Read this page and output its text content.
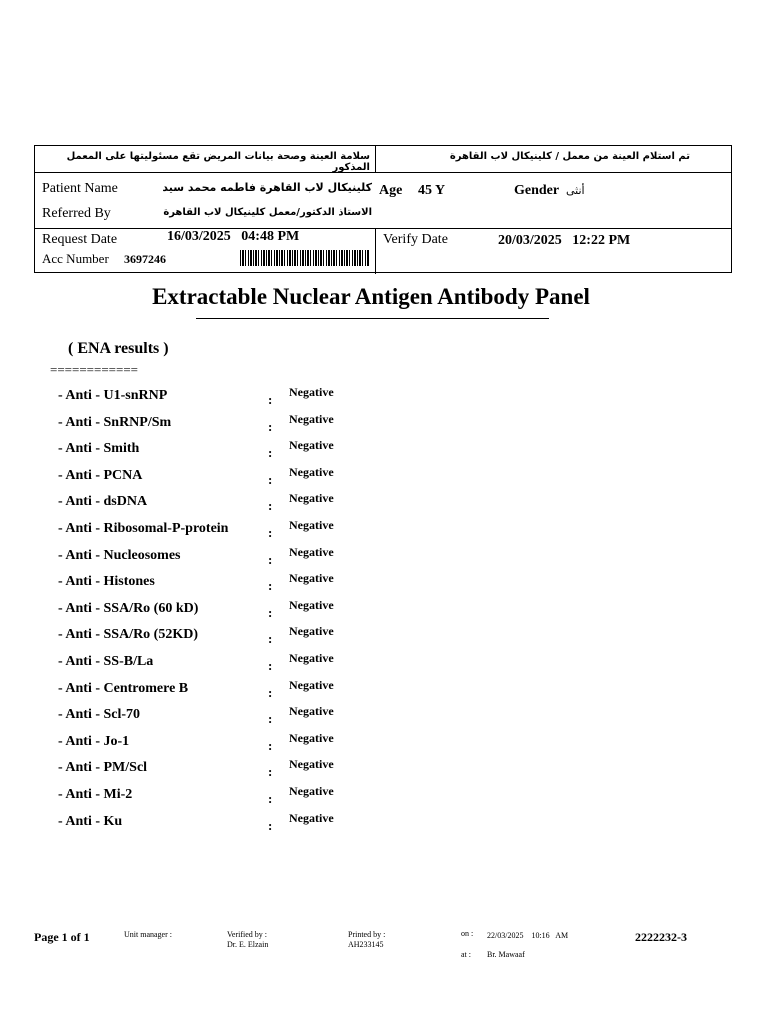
سلامة العينة وصحة بيانات المريض تقع مسئوليتها على المعمل المذكور
تم استلام العينة من معمل / كلينيكال لاب القاهرة
Patient Name	كلينيكال لاب القاهرة فاطمه محمد سيد
Referred By	الاستاذ الدكتور/معمل كلينيكال لاب القاهرة
Age 45 Y	Gender أنثى
Request Date	16/03/2025   04:48 PM
Acc Number 3697246
Verify Date	20/03/2025   12:22 PM
Extractable Nuclear Antigen Antibody Panel
( ENA results )
============
- Anti - U1-snRNP	: Negative
- Anti - SnRNP/Sm	: Negative
- Anti - Smith	: Negative
- Anti - PCNA	: Negative
- Anti - dsDNA	: Negative
- Anti - Ribosomal-P-protein	: Negative
- Anti - Nucleosomes	: Negative
- Anti - Histones	: Negative
- Anti - SSA/Ro (60 kD)	: Negative
- Anti - SSA/Ro (52KD)	: Negative
- Anti - SS-B/La	: Negative
- Anti - Centromere B	: Negative
- Anti - Scl-70	: Negative
- Anti - Jo-1	: Negative
- Anti - PM/Scl	: Negative
- Anti - Mi-2	: Negative
- Anti - Ku	: Negative
Page 1 of 1	Unit manager :	Verified by :
Dr. E. Elzain
Printed by :
AH233145
on : 22/03/2025    10:16   AM
at : Br. Mawaaf
2222232-3
